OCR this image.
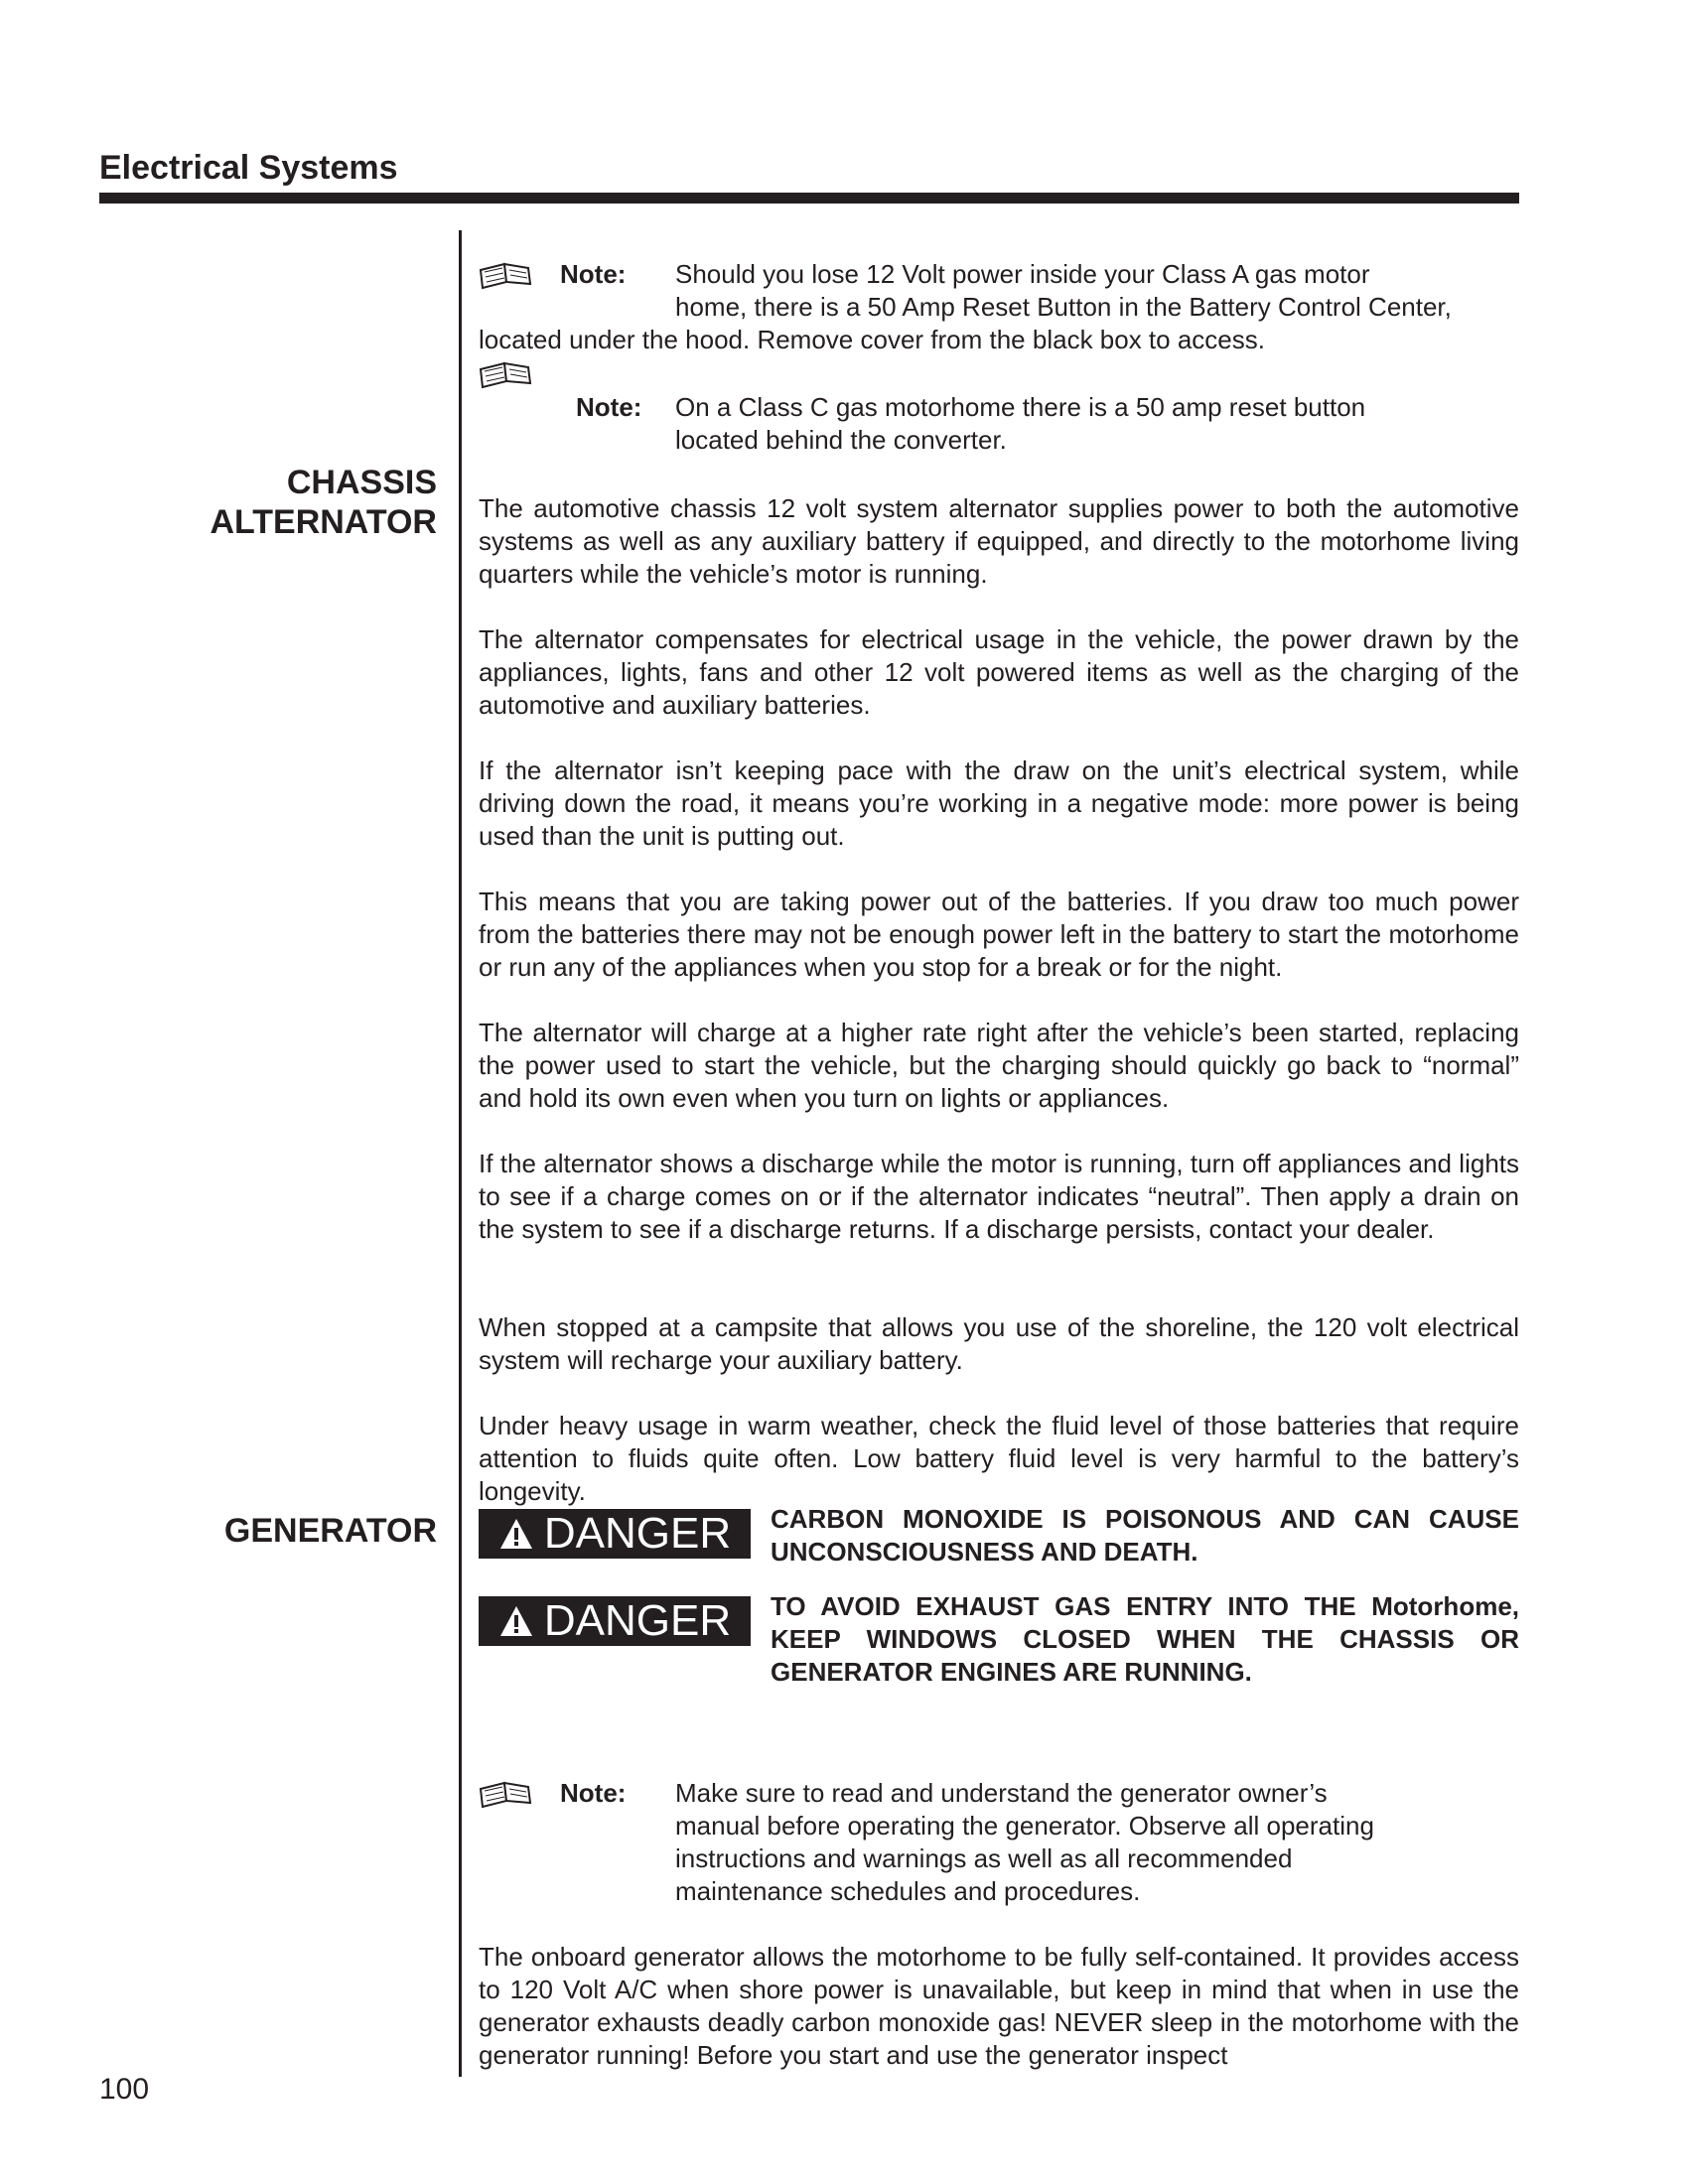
Electrical Systems
CHASSIS
ALTERNATOR
GENERATOR
Note: Should you lose 12 Volt power inside your Class A gas motor
home, there is a 50 Amp Reset Button in the Battery Control Center,
located under the hood. Remove cover from the black box to access.
Note: On a Class C gas motorhome there is a 50 amp reset button
located behind the converter.

The automotive chassis 12 volt system alternator supplies power to both the automotive systems as well as any auxiliary battery if equipped, and directly to the motorhome living quarters while the vehicle’s motor is running.

The alternator compensates for electrical usage in the vehicle, the power drawn by the appliances, lights, fans and other 12 volt powered items as well as the charging of the automotive and auxiliary batteries.

If the alternator isn’t keeping pace with the draw on the unit’s electrical system, while driving down the road, it means you’re working in a negative mode: more power is being used than the unit is putting out.

This means that you are taking power out of the batteries. If you draw too much power from the batteries there may not be enough power left in the battery to start the motorhome or run any of the appliances when you stop for a break or for the night.

The alternator will charge at a higher rate right after the vehicle’s been started, replacing the power used to start the vehicle, but the charging should quickly go back to “normal” and hold its own even when you turn on lights or appliances.

If the alternator shows a discharge while the motor is running, turn off appliances and lights to see if a charge comes on or if the alternator indicates “neutral”. Then apply a drain on the system to see if a discharge returns. If a discharge persists, contact your dealer.

When stopped at a campsite that allows you use of the shoreline, the 120 volt electrical system will recharge your auxiliary battery.

Under heavy usage in warm weather, check the fluid level of those batteries that require attention to fluids quite often. Low battery fluid level is very harmful to the battery’s longevity.

DANGER CARBON MONOXIDE IS POISONOUS AND CAN CAUSE UNCONSCIOUSNESS AND DEATH.
DANGER TO AVOID EXHAUST GAS ENTRY INTO THE Motorhome, KEEP WINDOWS CLOSED WHEN THE CHASSIS OR GENERATOR ENGINES ARE RUNNING.
Note: Make sure to read and understand the generator owner’s
manual before operating the generator. Observe all operating
instructions and warnings as well as all recommended
maintenance schedules and procedures.

The onboard generator allows the motorhome to be fully self-contained. It provides access to 120 Volt A/C when shore power is unavailable, but keep in mind that when in use the generator exhausts deadly carbon monoxide gas! NEVER sleep in the motorhome with the generator running! Before you start and use the generator inspect

100
